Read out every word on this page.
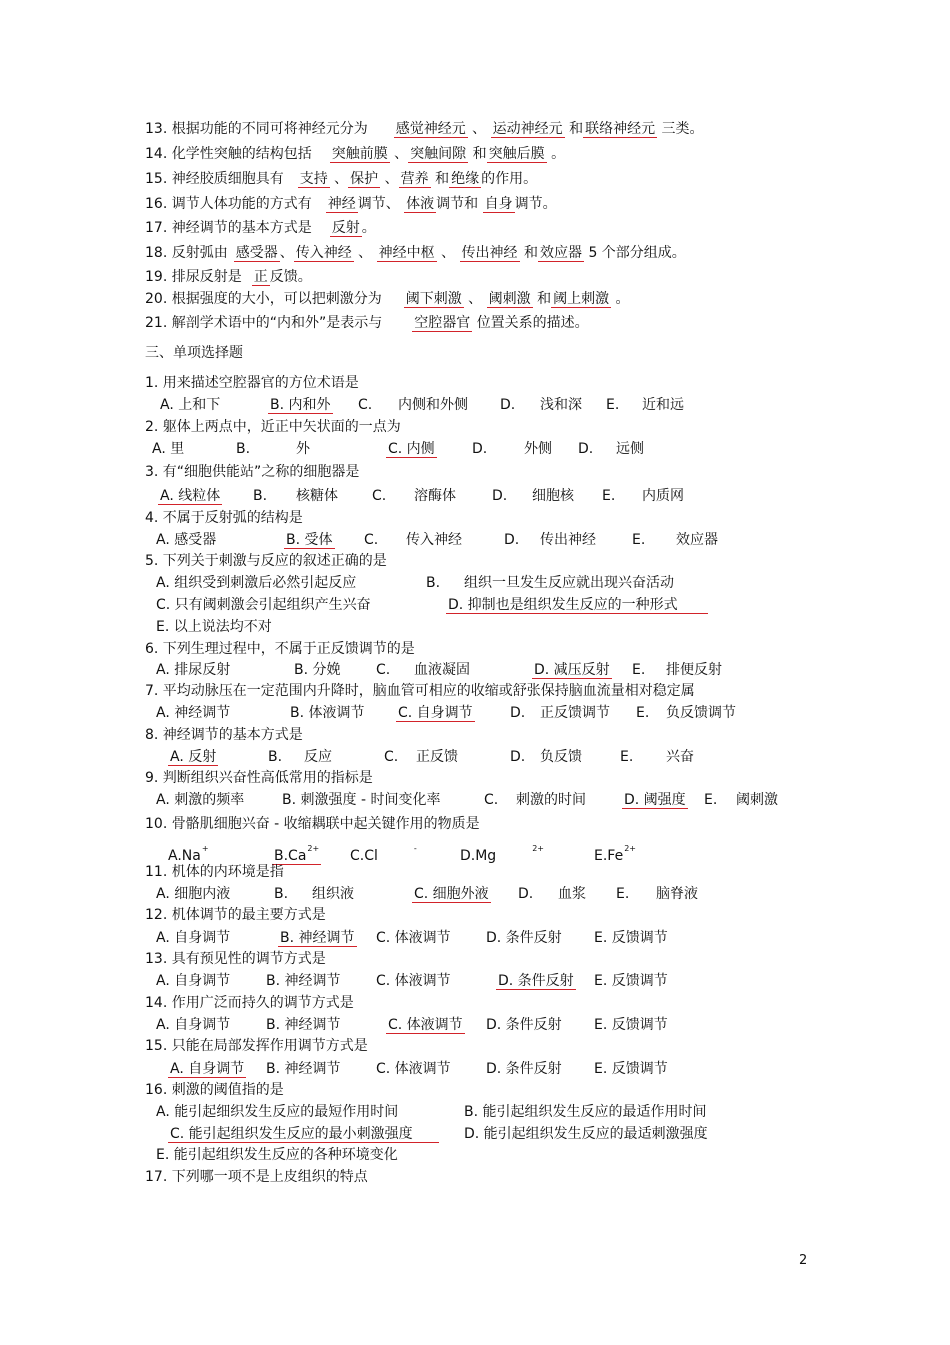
13. 根据功能的不同可将神经元分为 感觉神经元 、 运动神经元 和 联络神经元 三类。
14. 化学性突触的结构包括 突触前膜 、 突触间隙 和 突触后膜 。
15. 神经胶质细胞具有 支持 、 保护 、 营养 和 绝缘 的作用。
16. 调节人体功能的方式有 神经 调节、 体液 调节和 自身 调节。
17. 神经调节的基本方式是 反射 。
18. 反射弧由 感受器 、 传入神经 、 神经中枢 、 传出神经 和 效应器 5 个部分组成。
19. 排尿反射是 正 反馈。
20. 根据强度的大小，可以把刺激分为 阈下刺激 、 阈刺激 和 阈上刺激 。
21. 解剖学术语中的“内和外”是表示与 空腔器官 位置关系的描述。
三、单项选择题
1. 用来描述空腔器官的方位术语是
A. 上和下	B. 内和外 C. 内侧和外侧 D. 浅和深 E. 近和远
2. 躯体上两点中，近正中矢状面的一点为
A. 里	B.	外	C. 内侧	D.	外侧 D. 远侧
3. 有“细胞供能站”之称的细胞器是
A. 线粒体 B. 核糖体 C. 溶酶体	D. 细胞核 E. 内质网
4. 不属于反射弧的结构是
A. 感受器	B. 受体 C. 传入神经	D. 传出神经	E. 效应器
5. 下列关于刺激与反应的叙述正确的是
A. 组织受到刺激后必然引起反应	B. 组织一旦发生反应就出现兴奋活动
C. 只有阈刺激会引起组织产生兴奋	D. 抑制也是组织发生反应的一种形式
E. 以上说法均不对
6. 下列生理过程中，不属于正反馈调节的是
A. 排尿反射	B. 分娩	C. 血液凝固	D. 减压反射 E. 排便反射
7. 平均动脉压在一定范围内升降时，脑血管可相应的收缩或舒张保持脑血流量相对稳定属
A. 神经调节	B. 体液调节 C. 自身调节	D. 正反馈调节 E. 负反馈调节
8. 神经调节的基本方式是
A. 反射	B. 反应	C. 正反馈	D. 负反馈	E. 兴奋
9. 判断组织兴奋性高低常用的指标是
A. 刺激的频率	B. 刺激强度 - 时间变化率	C. 刺激的时间	D. 阈强度 E. 阈刺激
10. 骨骼肌细胞兴奋 - 收缩耦联中起关键作用的物质是
A.Na+	$B.Ca^{2+}$ C.Cl	-	D.Mg	$^{2+}$	$E.Fe^{2+}$
11. 机体的内环境是指
A. 细胞内液	B. 组织液	C. 细胞外液 D. 血浆 E. 脑脊液
12. 机体调节的最主要方式是
A. 自身调节	B. 神经调节 C. 体液调节	D. 条件反射 E. 反馈调节
13. 具有预见性的调节方式是
A. 自身调节	B. 神经调节	C. 体液调节	D. 条件反射 E. 反馈调节
14. 作用广泛而持久的调节方式是
A. 自身调节	B. 神经调节	C. 体液调节 D. 条件反射 E. 反馈调节
15. 只能在局部发挥作用调节方式是
A. 自身调节 B. 神经调节	C. 体液调节	D. 条件反射 E. 反馈调节
16. 刺激的阈值指的是
A. 能引起细织发生反应的最短作用时间	B. 能引起组织发生反应的最适作用时间
C. 能引起组织发生反应的最小刺激强度	D. 能引起组织发生反应的最适刺激强度
E. 能引起组织发生反应的各种环境变化
17. 下列哪一项不是上皮组织的特点
2
